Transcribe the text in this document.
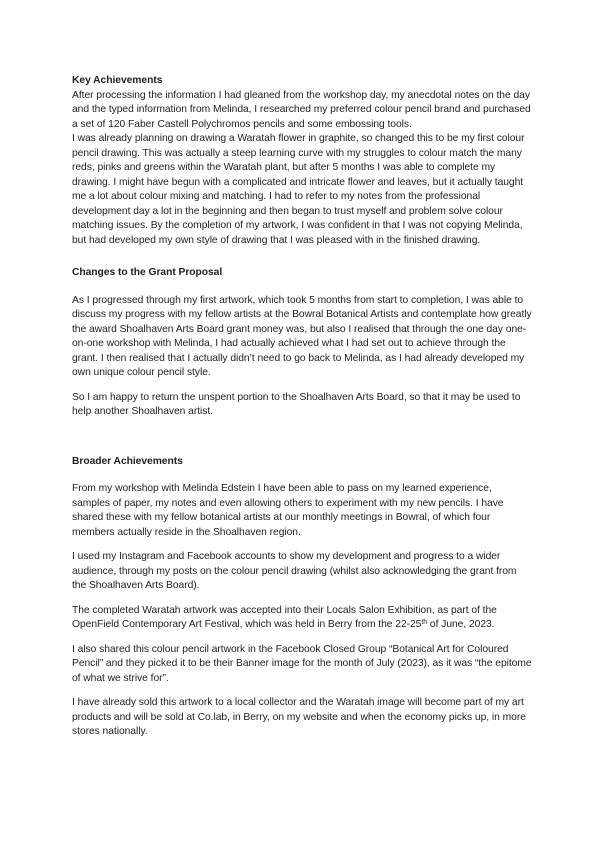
Key Achievements

After processing the information I had gleaned from the workshop day, my anecdotal notes on the day and the typed information from Melinda, I researched my preferred colour pencil brand and purchased a set of 120 Faber Castell Polychromos pencils and some embossing tools.
I was already planning on drawing a Waratah flower in graphite, so changed this to be my first colour pencil drawing. This was actually a steep learning curve with my struggles to colour match the many reds, pinks and greens within the Waratah plant, but after 5 months I was able to complete my drawing. I might have begun with a complicated and intricate flower and leaves, but it actually taught me a lot about colour mixing and matching. I had to refer to my notes from the professional development day a lot in the beginning and then began to trust myself and problem solve colour matching issues. By the completion of my artwork, I was confident in that I was not copying Melinda, but had developed my own style of drawing that I was pleased with in the finished drawing.

Changes to the Grant Proposal

As I progressed through my first artwork, which took 5 months from start to completion, I was able to discuss my progress with my fellow artists at the Bowral Botanical Artists and contemplate how greatly the award Shoalhaven Arts Board grant money was, but also I realised that through the one day one-on-one workshop with Melinda, I had actually achieved what I had set out to achieve through the grant. I then realised that I actually didn’t need to go back to Melinda, as I had already developed my own unique colour pencil style.

So I am happy to return the unspent portion to the Shoalhaven Arts Board, so that it may be used to help another Shoalhaven artist.

Broader Achievements

From my workshop with Melinda Edstein I have been able to pass on my learned experience, samples of paper, my notes and even allowing others to experiment with my new pencils. I have shared these with my fellow botanical artists at our monthly meetings in Bowral, of which four members actually reside in the Shoalhaven region.

I used my Instagram and Facebook accounts to show my development and progress to a wider audience, through my posts on the colour pencil drawing (whilst also acknowledging the grant from the Shoalhaven Arts Board).

The completed Waratah artwork was accepted into their Locals Salon Exhibition, as part of the OpenField Contemporary Art Festival, which was held in Berry from the 22-25th of June, 2023.

I also shared this colour pencil artwork in the Facebook Closed Group “Botanical Art for Coloured Pencil” and they picked it to be their Banner image for the month of July (2023), as it was “the epitome of what we strive for”.

I have already sold this artwork to a local collector and the Waratah image will become part of my art products and will be sold at Co.lab, in Berry, on my website and when the economy picks up, in more stores nationally.
